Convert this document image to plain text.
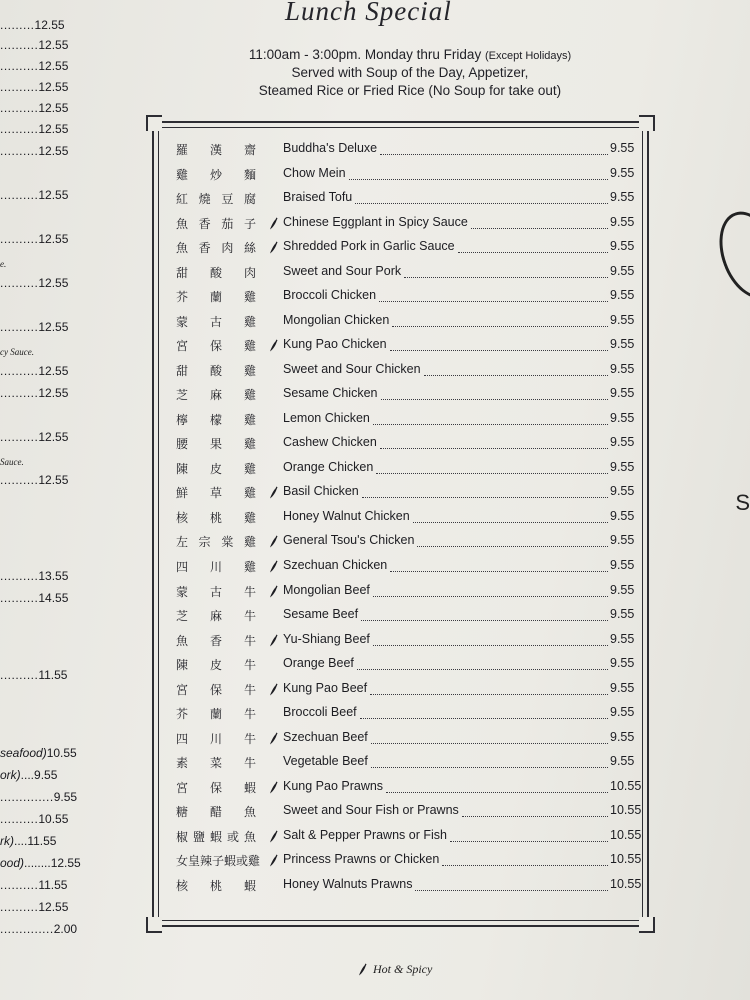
.........12.55
..........12.55
..........12.55
..........12.55
..........12.55
..........12.55
..........12.55
..........12.55
..........12.55
e.
..........12.55
..........12.55
cy Sauce.
..........12.55
..........12.55
..........12.55
Sauce.
..........12.55
..........13.55
..........14.55
..........11.55
seafood)10.55
ork)....9.55
..............9.55
..........10.55
rk)....11.55
ood)........12.55
..........11.55
..........12.55
..............2.00
Lunch Special
11:00am - 3:00pm. Monday thru Friday (Except Holidays)
Served with Soup of the Day, Appetizer,
Steamed Rice or Fried Rice (No Soup for take out)
羅漢齋 Buddha's Deluxe	9.55
雞炒麵 Chow Mein	9.55
紅燒豆腐 Braised Tofu	9.55
魚香茄子 Chinese Eggplant in Spicy Sauce	9.55
魚香肉絲 Shredded Pork in Garlic Sauce	9.55
甜酸肉 Sweet and Sour Pork	9.55
芥蘭雞 Broccoli Chicken	9.55
蒙古雞 Mongolian Chicken	9.55
宮保雞 Kung Pao Chicken	9.55
甜酸雞 Sweet and Sour Chicken	9.55
芝麻雞 Sesame Chicken	9.55
檸檬雞 Lemon Chicken	9.55
腰果雞 Cashew Chicken	9.55
陳皮雞 Orange Chicken	9.55
鮮草雞 Basil Chicken	9.55
核桃雞 Honey Walnut Chicken	9.55
左宗棠雞 General Tsou's Chicken	9.55
四川雞 Szechuan Chicken	9.55
蒙古牛 Mongolian Beef	9.55
芝麻牛 Sesame Beef	9.55
魚香牛 Yu-Shiang Beef	9.55
陳皮牛 Orange Beef	9.55
宮保牛 Kung Pao Beef	9.55
芥蘭牛 Broccoli Beef	9.55
四川牛 Szechuan Beef	9.55
素菜牛 Vegetable Beef	9.55
宮保蝦 Kung Pao Prawns	10.55
糖醋魚 Sweet and Sour Fish or Prawns	10.55
椒鹽蝦或魚 Salt & Pepper Prawns or Fish	10.55
女皇辣子蝦或雞 Princess Prawns or Chicken	10.55
核桃蝦 Honey Walnuts Prawns	10.55
Hot & Spicy
S
